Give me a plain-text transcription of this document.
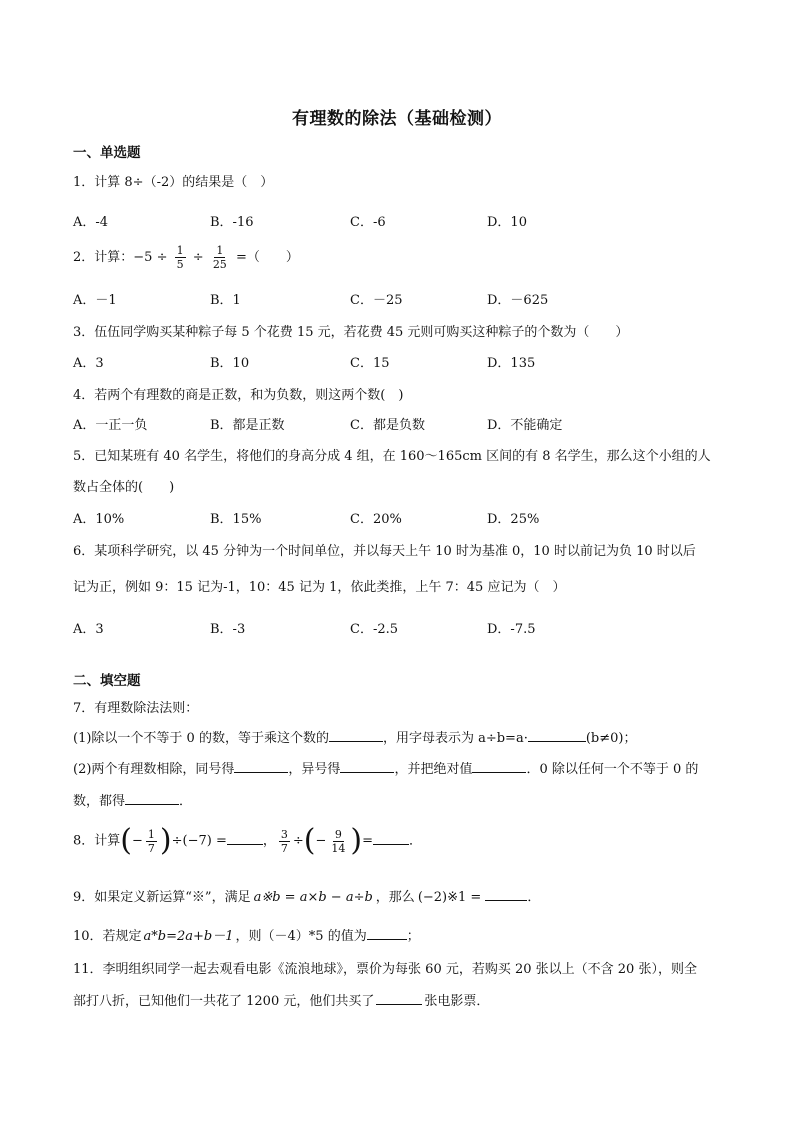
有理数的除法（基础检测）
一、单选题
1．计算 8÷（-2）的结果是（　）
A．-4	B．-16	C．-6	D．10
2．计算：$-5 \div \frac{1}{5} \div \frac{1}{25}$ =（　　）
A．－1	B．1	C．－25	D．－625
3．伍伍同学购买某种粽子每 5 个花费 15 元，若花费 45 元则可购买这种粽子的个数为（　　）
A．3	B．10	C．15	D．135
4．若两个有理数的商是正数，和为负数，则这两个数(　)
A．一正一负	B．都是正数	C．都是负数	D．不能确定
5．已知某班有 40 名学生，将他们的身高分成 4 组，在 160～165cm 区间的有 8 名学生，那么这个小组的人
数占全体的(　　)
A．10%	B．15%	C．20%	D．25%
6．某项科学研究，以 45 分钟为一个时间单位，并以每天上午 10 时为基准 0，10 时以前记为负 10 时以后
记为正，例如 9：15 记为-1，10：45 记为 1，依此类推，上午 7：45 应记为（　）
A．3	B．-3	C．-2.5	D．-7.5
二、填空题
7．有理数除法法则：
(1)除以一个不等于 0 的数，等于乘这个数的	，用字母表示为 a÷b=a·	(b≠0)；
(2)两个有理数相除，同号得	，异号得	，并把绝对值	．0 除以任何一个不等于 0 的
数，都得	．
8．计算(− $\frac{1}{7} )\div(-7)$ =	， $\frac{3}{7}$ ÷(− $\frac{9}{14}$ )=	．
9．如果定义新运算“※”，满足 a※b = a×b − a÷b ，那么 (−2)※1 =	．
10．若规定 a*b=2a+b－1 ，则（－4）*5 的值为	；
11．李明组织同学一起去观看电影《流浪地球》，票价为每张 60 元，若购买 20 张以上（不含 20 张），则全
部打八折，已知他们一共花了 1200 元，他们共买了	张电影票．
